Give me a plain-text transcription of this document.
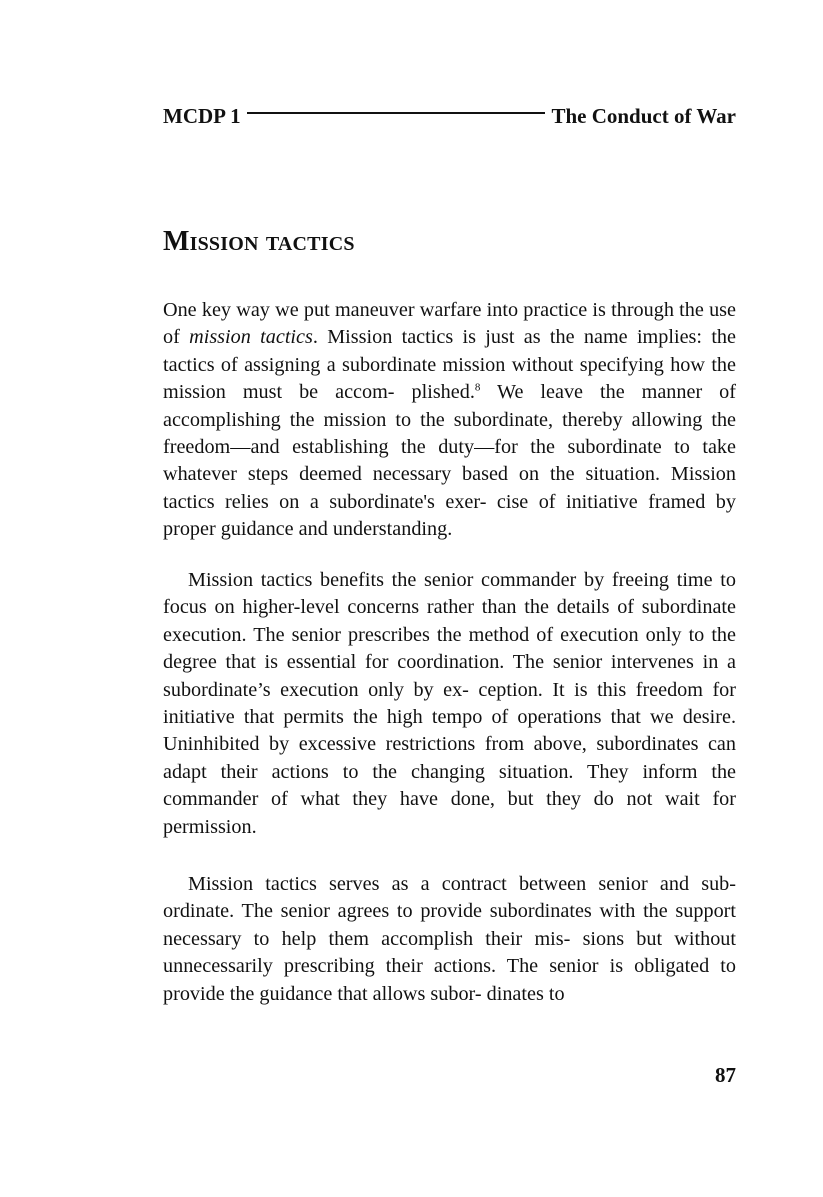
MCDP 1	The Conduct of War
Mission tactics

One key way we put maneuver warfare into practice is through the use of mission tactics. Mission tactics is just as the name implies: the tactics of assigning a subordinate mission without specifying how the mission must be accom- plished.$^8$ We leave the manner of accomplishing the mission to the subordinate, thereby allowing the freedom—and establishing the duty—for the subordinate to take whatever steps deemed necessary based on the situation. Mission tactics relies on a subordinate's exer- cise of initiative framed by proper guidance and understanding.

Mission tactics benefits the senior commander by freeing time to focus on higher-level concerns rather than the details of subordinate execution. The senior prescribes the method of execution only to the degree that is essential for coordination. The senior intervenes in a subordinate’s execution only by ex- ception. It is this freedom for initiative that permits the high tempo of operations that we desire. Uninhibited by excessive restrictions from above, subordinates can adapt their actions to the changing situation. They inform the commander of what they have done, but they do not wait for permission.

Mission tactics serves as a contract between senior and sub- ordinate. The senior agrees to provide subordinates with the support necessary to help them accomplish their mis- sions but without unnecessarily prescribing their actions. The senior is obligated to provide the guidance that allows subor- dinates to

87
